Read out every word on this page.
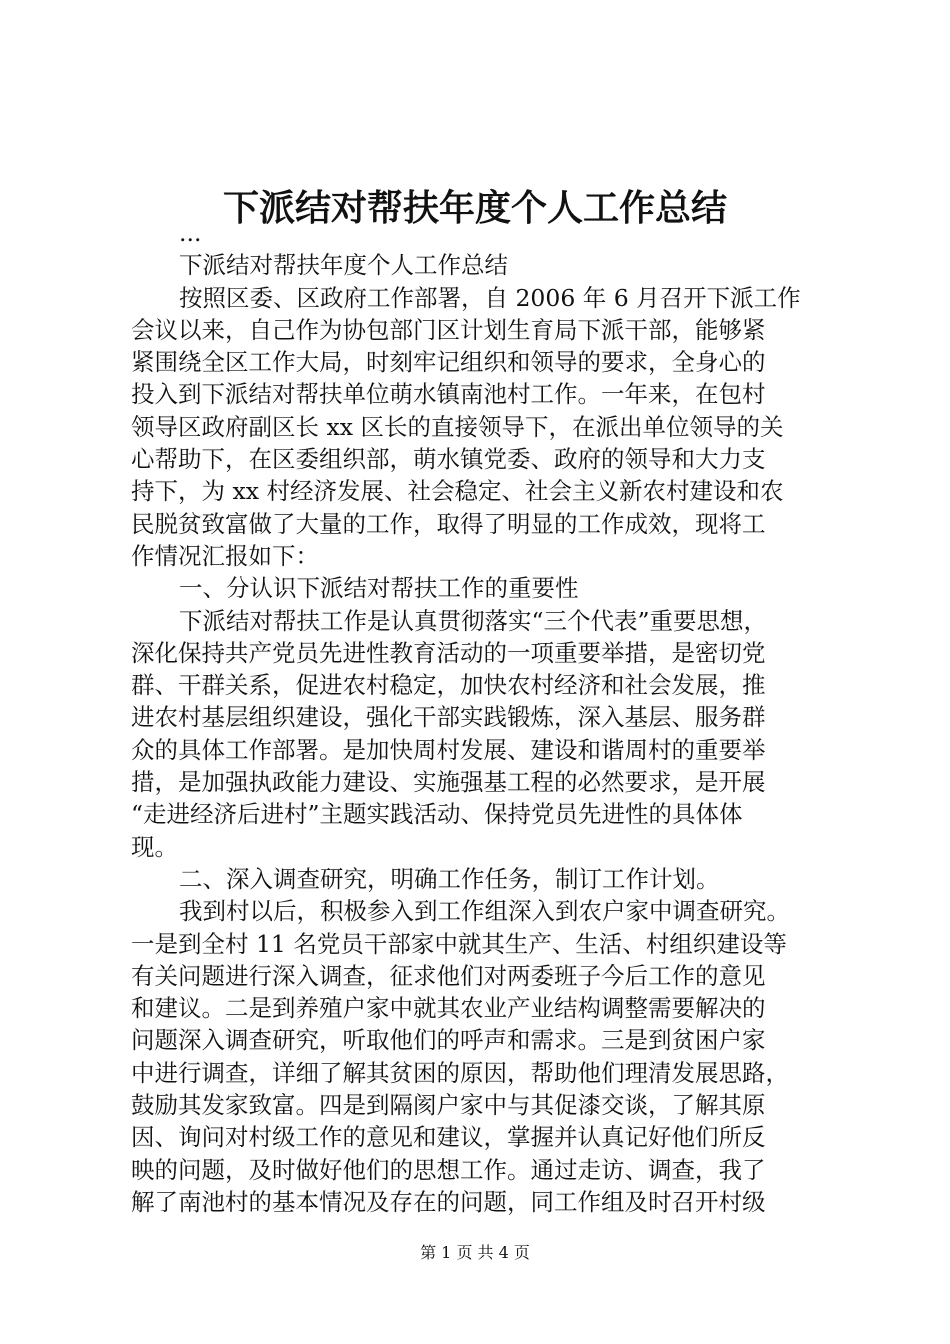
下派结对帮扶年度个人工作总结

...

下派结对帮扶年度个人工作总结

按照区委、区政府工作部署，自 2006 年 6 月召开下派工作

会议以来，自己作为协包部门区计划生育局下派干部，能够紧

紧围绕全区工作大局，时刻牢记组织和领导的要求，全身心的

投入到下派结对帮扶单位萌水镇南池村工作。一年来，在包村

领导区政府副区长 xx 区长的直接领导下，在派出单位领导的关

心帮助下，在区委组织部，萌水镇党委、政府的领导和大力支

持下，为 xx 村经济发展、社会稳定、社会主义新农村建设和农

民脱贫致富做了大量的工作，取得了明显的工作成效，现将工

作情况汇报如下：

一、分认识下派结对帮扶工作的重要性

下派结对帮扶工作是认真贯彻落实“三个代表”重要思想，

深化保持共产党员先进性教育活动的一项重要举措，是密切党

群、干群关系，促进农村稳定，加快农村经济和社会发展，推

进农村基层组织建设，强化干部实践锻炼，深入基层、服务群

众的具体工作部署。是加快周村发展、建设和谐周村的重要举

措，是加强执政能力建设、实施强基工程的必然要求，是开展

“走进经济后进村”主题实践活动、保持党员先进性的具体体

现。

二、深入调查研究，明确工作任务，制订工作计划。

我到村以后，积极参入到工作组深入到农户家中调查研究。

一是到全村 11 名党员干部家中就其生产、生活、村组织建设等

有关问题进行深入调查，征求他们对两委班子今后工作的意见

和建议。二是到养殖户家中就其农业产业结构调整需要解决的

问题深入调查研究，听取他们的呼声和需求。三是到贫困户家

中进行调查，详细了解其贫困的原因，帮助他们理清发展思路，

鼓励其发家致富。四是到隔阂户家中与其促漆交谈，了解其原

因、询问对村级工作的意见和建议，掌握并认真记好他们所反

映的问题，及时做好他们的思想工作。通过走访、调查，我了

解了南池村的基本情况及存在的问题，同工作组及时召开村级

第 1 页 共 4 页
